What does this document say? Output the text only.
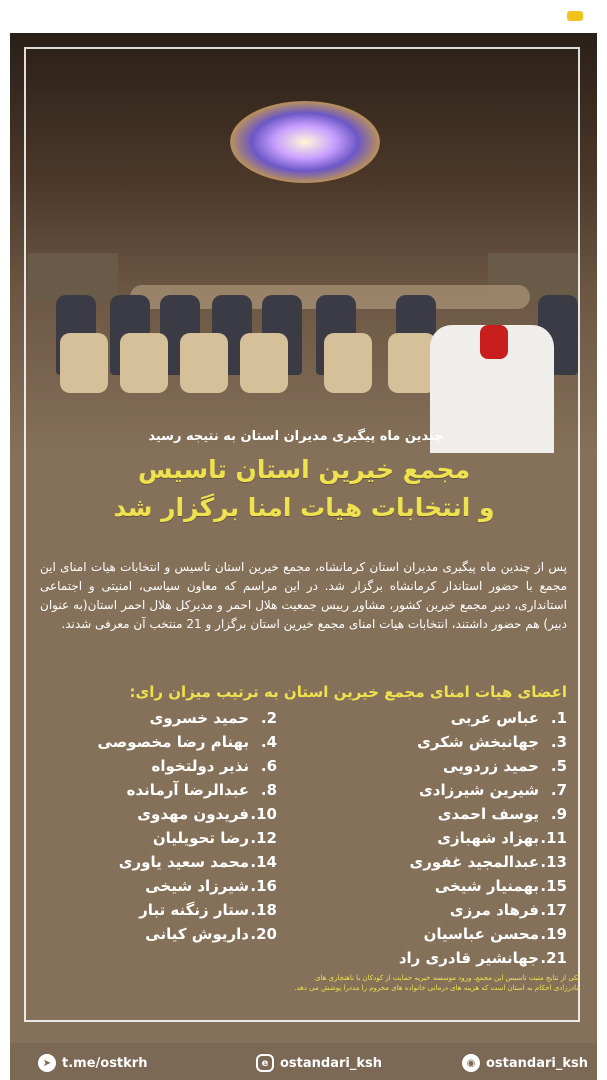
چندین ماه پیگیری مدیران استان به نتیجه رسید
مجمع خیرین استان تاسیس
و انتخابات هیات امنا برگزار شد
پس از چندین ماه پیگیری مدیران استان کرمانشاه، مجمع خیرین استان تاسیس و انتخابات هیات امنای این مجمع با حضور استاندار کرمانشاه برگزار شد. در این مراسم که معاون سیاسی، امنیتی و اجتماعی استانداری، دبیر مجمع خیرین کشور، مشاور رییس جمعیت هلال احمر و مدیرکل هلال احمر استان(به عنوان دبیر) هم حضور داشتند، انتخابات هیات امنای مجمع خیرین استان برگزار و 21 منتخب آن معرفی شدند.
اعضای هیات امنای مجمع خیرین استان به ترتیب میزان رای:
1.عباس عربی
2.حمید خسروی
3.جهانبخش شکری
4.بهنام رضا مخصوصی
5.حمید زردویی
6.نذیر دولتخواه
7.شیرین شیرزادی
8.عبدالرضا آرمانده
9.یوسف احمدی
10.فریدون مهدوی
11.بهزاد شهبازی
12.رضا تحویلیان
13.عبدالمجید غفوری
14.محمد سعید یاوری
15.بهمنیار شیخی
16.شیرزاد شیخی
17.فرهاد مرزی
18.ستار زنگنه تبار
19.محسن عباسیان
20.داریوش کیانی
21.جهانشیر قادری راد
یکی از نتایج مثبت تاسیس این مجمع، ورود موسسه خیریه حمایت از کودکان با ناهنجاری های مادرزادی احکام به استان است که هزینه های درمانی خانواده های محروم را مددرا پوشش می دهد.
➤ t.me/ostkrh	e ostandari_ksh	◉ ostandari_ksh
